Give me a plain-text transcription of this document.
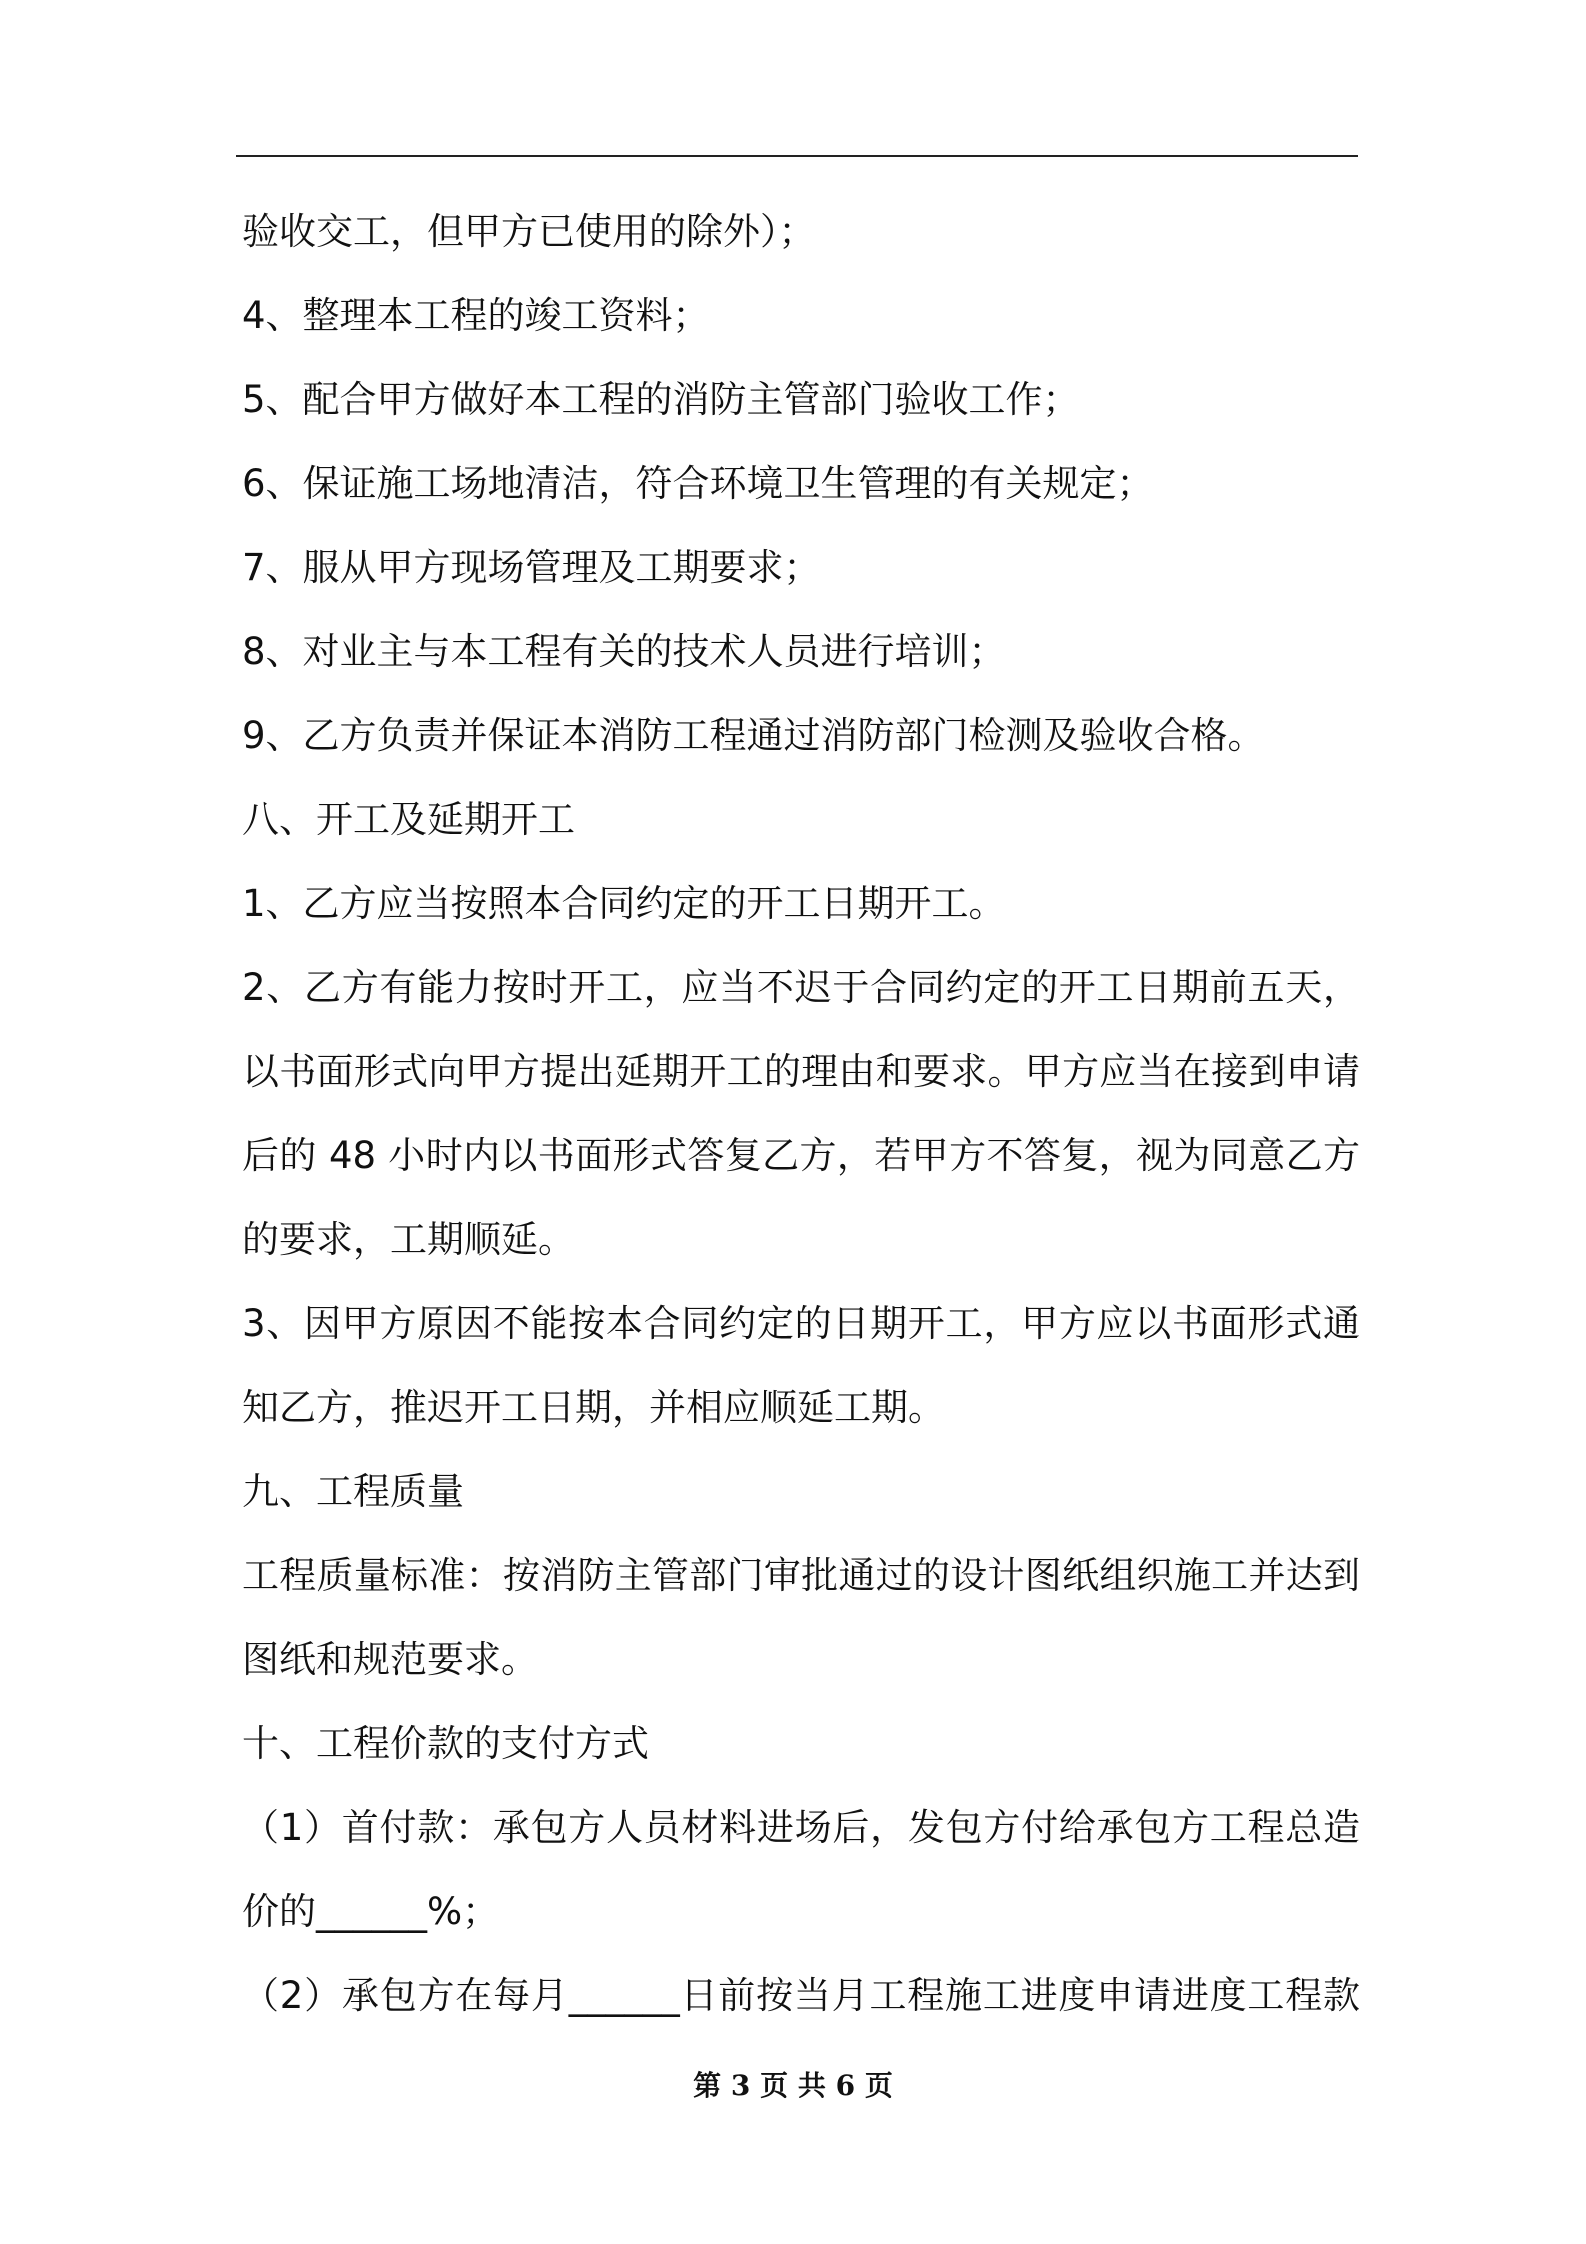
验收交工，但甲方已使用的除外）；
4、整理本工程的竣工资料；
5、配合甲方做好本工程的消防主管部门验收工作；
6、保证施工场地清洁，符合环境卫生管理的有关规定；
7、服从甲方现场管理及工期要求；
8、对业主与本工程有关的技术人员进行培训；
9、乙方负责并保证本消防工程通过消防部门检测及验收合格。
八、开工及延期开工
1、乙方应当按照本合同约定的开工日期开工。
2、乙方有能力按时开工，应当不迟于合同约定的开工日期前五天，
以书面形式向甲方提出延期开工的理由和要求。甲方应当在接到申请
后的 48 小时内以书面形式答复乙方，若甲方不答复，视为同意乙方
的要求，工期顺延。
3、因甲方原因不能按本合同约定的日期开工，甲方应以书面形式通
知乙方，推迟开工日期，并相应顺延工期。
九、工程质量
工程质量标准：按消防主管部门审批通过的设计图纸组织施工并达到
图纸和规范要求。
十、工程价款的支付方式
（1）首付款：承包方人员材料进场后，发包方付给承包方工程总造
价的______%；
（2）承包方在每月______日前按当月工程施工进度申请进度工程款
第 3 页 共 6 页
